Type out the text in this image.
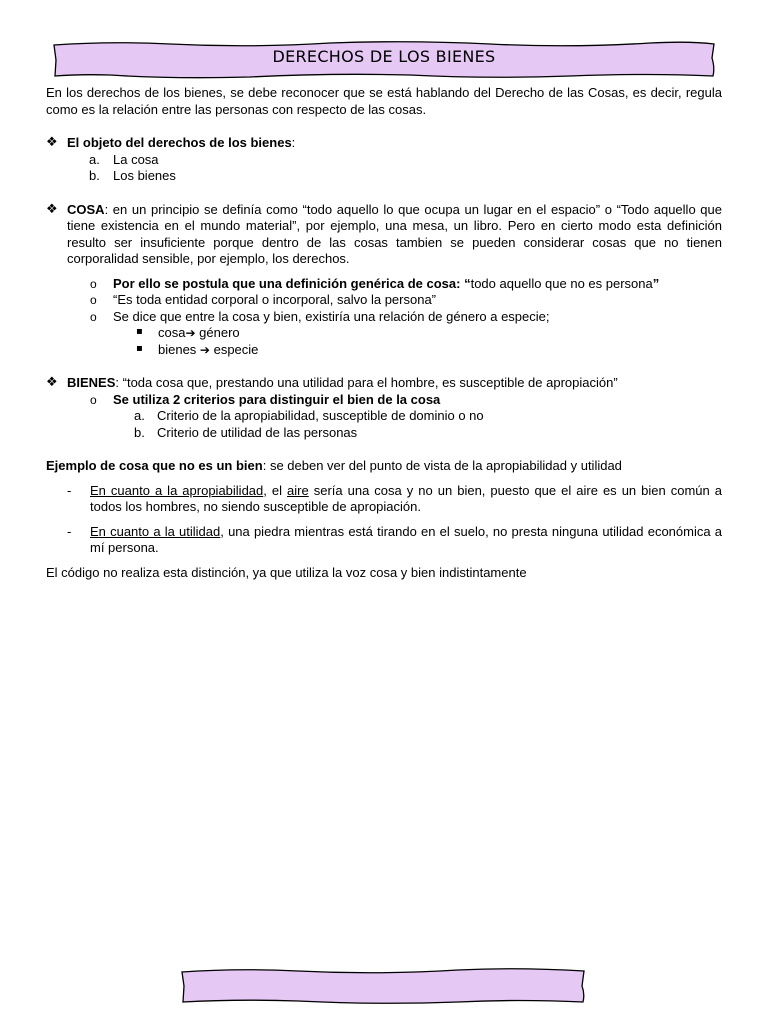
DERECHOS DE LOS BIENES

En los derechos de los bienes, se debe reconocer que se está hablando del Derecho de las Cosas, es decir, regula como es la relación entre las personas con respecto de las cosas.

❖ El objeto del derechos de los bienes:
a. La cosa
b. Los bienes
❖ COSA: en un principio se definía como “todo aquello lo que ocupa un lugar en el espacio” o “Todo aquello que tiene existencia en el mundo material”, por ejemplo, una mesa, un libro. Pero en cierto modo esta definición resulto ser insuficiente porque dentro de las cosas tambien se pueden considerar cosas que no tienen corporalidad sensible, por ejemplo, los derechos.
o Por ello se postula que una definición genérica de cosa: “todo aquello que no es persona”
o “Es toda entidad corporal o incorporal, salvo la persona”
o Se dice que entre la cosa y bien, existiría una relación de género a especie;
▪ cosa➔ género
▪ bienes ➔ especie
❖ BIENES: “toda cosa que, prestando una utilidad para el hombre, es susceptible de apropiación”
o Se utiliza 2 criterios para distinguir el bien de la cosa
a. Criterio de la apropiabilidad, susceptible de dominio o no
b. Criterio de utilidad de las personas

Ejemplo de cosa que no es un bien: se deben ver del punto de vista de la apropiabilidad y utilidad

- En cuanto a la apropiabilidad, el aire sería una cosa y no un bien, puesto que el aire es un bien común a todos los hombres, no siendo susceptible de apropiación.
- En cuanto a la utilidad, una piedra mientras está tirando en el suelo, no presta ninguna utilidad económica a mí persona.

El código no realiza esta distinción, ya que utiliza la voz cosa y bien indistintamente
